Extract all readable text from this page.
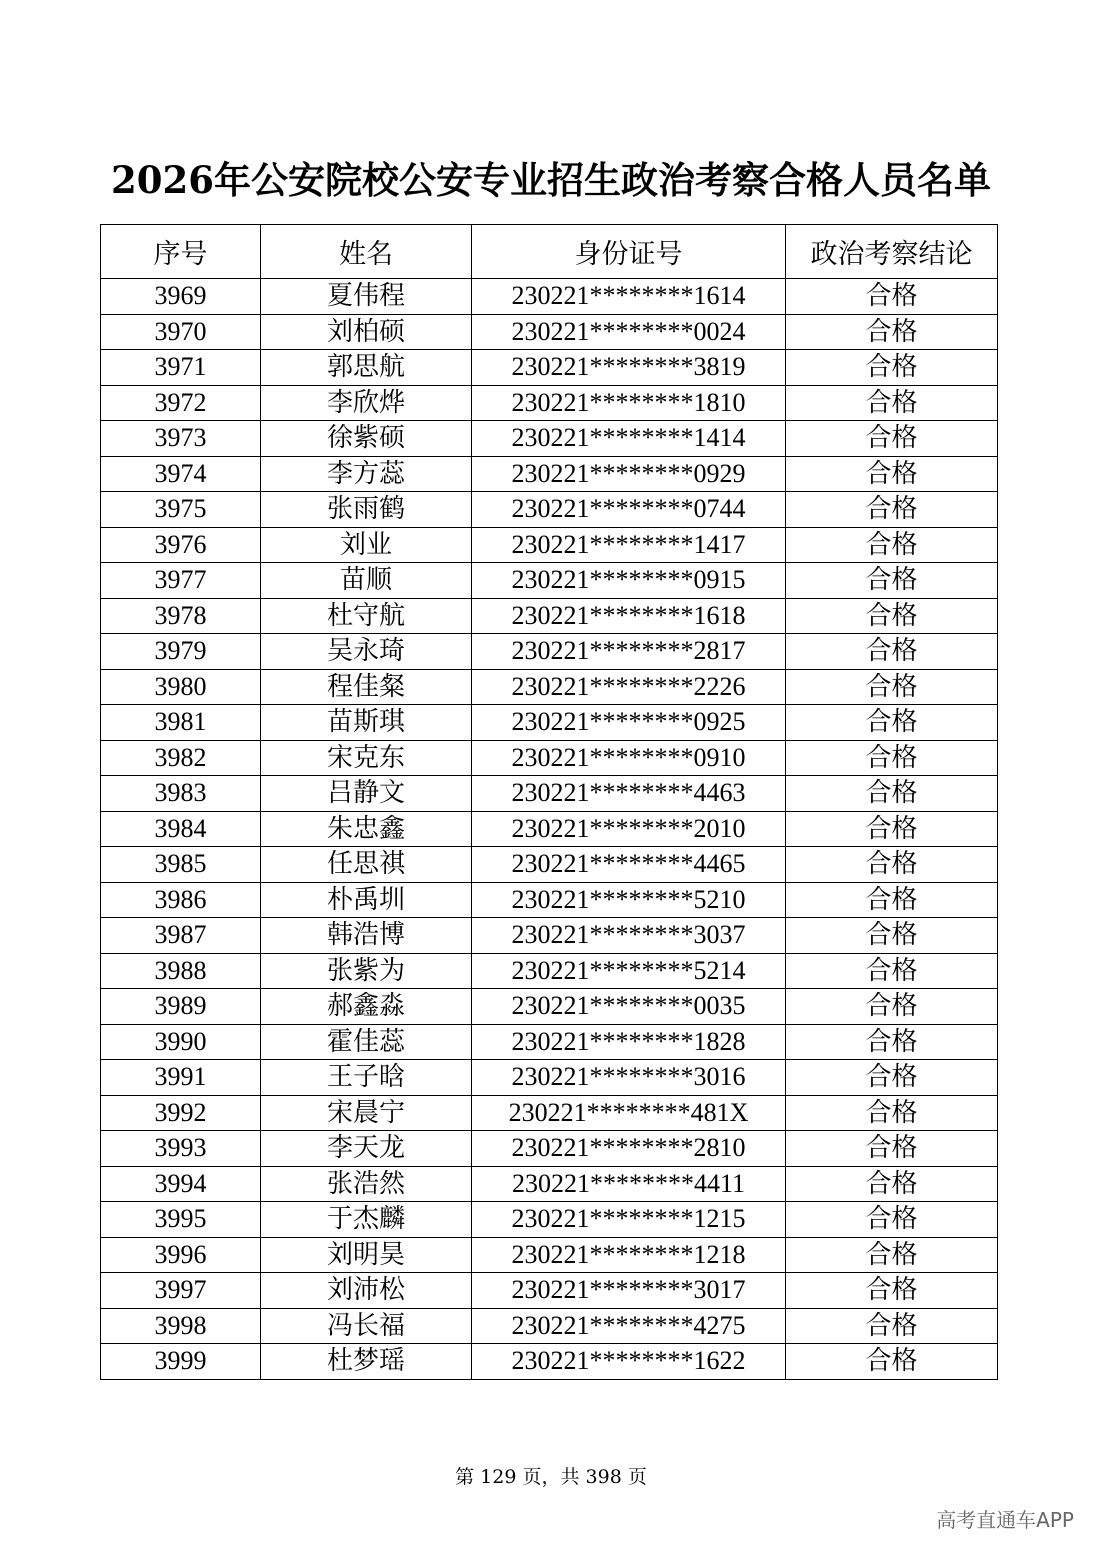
2026年公安院校公安专业招生政治考察合格人员名单
序号	姓名	身份证号	政治考察结论
3969	夏伟程	230221********1614	合格
3970	刘柏硕	230221********0024	合格
3971	郭思航	230221********3819	合格
3972	李欣烨	230221********1810	合格
3973	徐紫硕	230221********1414	合格
3974	李方蕊	230221********0929	合格
3975	张雨鹤	230221********0744	合格
3976	刘业	230221********1417	合格
3977	苗顺	230221********0915	合格
3978	杜守航	230221********1618	合格
3979	吴永琦	230221********2817	合格
3980	程佳粲	230221********2226	合格
3981	苗斯琪	230221********0925	合格
3982	宋克东	230221********0910	合格
3983	吕静文	230221********4463	合格
3984	朱忠鑫	230221********2010	合格
3985	任思祺	230221********4465	合格
3986	朴禹圳	230221********5210	合格
3987	韩浩博	230221********3037	合格
3988	张紫为	230221********5214	合格
3989	郝鑫淼	230221********0035	合格
3990	霍佳蕊	230221********1828	合格
3991	王子晗	230221********3016	合格
3992	宋晨宁	230221********481X	合格
3993	李天龙	230221********2810	合格
3994	张浩然	230221********4411	合格
3995	于杰麟	230221********1215	合格
3996	刘明昊	230221********1218	合格
3997	刘沛松	230221********3017	合格
3998	冯长福	230221********4275	合格
3999	杜梦瑶	230221********1622	合格
第 129 页，共 398 页
高考直通车APP
